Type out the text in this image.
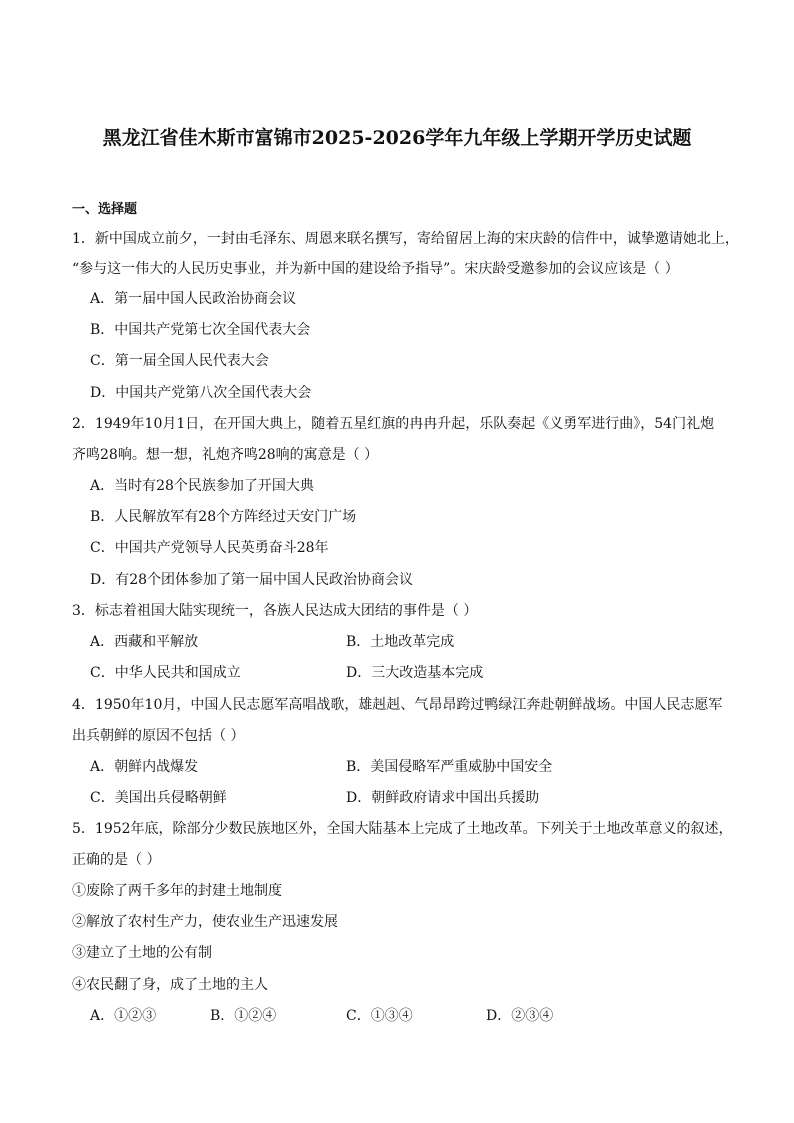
黑龙江省佳木斯市富锦市2025-2026学年九年级上学期开学历史试题
一、选择题
1．新中国成立前夕，一封由毛泽东、周恩来联名撰写，寄给留居上海的宋庆龄的信件中，诚挚邀请她北上，
“参与这一伟大的人民历史事业，并为新中国的建设给予指导”。宋庆龄受邀参加的会议应该是（ ）
A．第一届中国人民政治协商会议
B．中国共产党第七次全国代表大会
C．第一届全国人民代表大会
D．中国共产党第八次全国代表大会
2．1949年10月1日，在开国大典上，随着五星红旗的冉冉升起，乐队奏起《义勇军进行曲》，54门礼炮
齐鸣28响。想一想，礼炮齐鸣28响的寓意是（ ）
A．当时有28个民族参加了开国大典
B．人民解放军有28个方阵经过天安门广场
C．中国共产党领导人民英勇奋斗28年
D．有28个团体参加了第一届中国人民政治协商会议
3．标志着祖国大陆实现统一，各族人民达成大团结的事件是（ ）
A．西藏和平解放	B．土地改革完成
C．中华人民共和国成立	D．三大改造基本完成
4．1950年10月，中国人民志愿军高唱战歌，雄赳赳、气昂昂跨过鸭绿江奔赴朝鲜战场。中国人民志愿军
出兵朝鲜的原因不包括（ ）
A．朝鲜内战爆发	B．美国侵略军严重威胁中国安全
C．美国出兵侵略朝鲜	D．朝鲜政府请求中国出兵援助
5．1952年底，除部分少数民族地区外，全国大陆基本上完成了土地改革。下列关于土地改革意义的叙述，
正确的是（ ）
①废除了两千多年的封建土地制度
②解放了农村生产力，使农业生产迅速发展
③建立了土地的公有制
④农民翻了身，成了土地的主人
A．①②③	B．①②④	C．①③④	D．②③④
